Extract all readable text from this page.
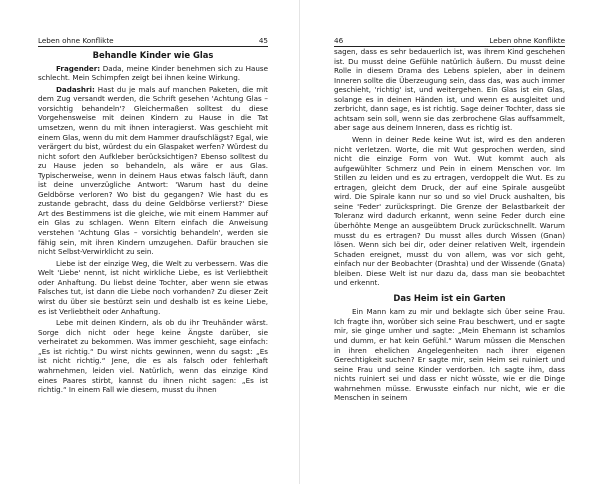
Leben ohne Konflikte	45
Behandle Kinder wie Glas

Fragender: Dada, meine Kinder benehmen sich zu Hause schlecht. Mein Schimpfen zeigt bei ihnen keine Wirkung.

Dadashri: Hast du je mals auf manchen Paketen, die mit dem Zug versandt werden, die Schrift gesehen 'Achtung Glas – vorsichtig behandeln'? Gleichermaßen solltest du diese Vorgehensweise mit deinen Kindern zu Hause in die Tat umsetzen, wenn du mit ihnen interagierst. Was geschieht mit einem Glas, wenn du mit dem Hammer draufschlägst? Egal, wie verärgert du bist, würdest du ein Glaspaket werfen? Würdest du nicht sofort den Aufkleber berücksichtigen? Ebenso solltest du zu Hause jeden so behandeln, als wäre er aus Glas. Typischerweise, wenn in deinem Haus etwas falsch läuft, dann ist deine unverzügliche Antwort: 'Warum hast du deine Geldbörse verloren? Wo bist du gegangen? Wie hast du es zustande gebracht, dass du deine Geldbörse verlierst?' Diese Art des Bestimmens ist die gleiche, wie mit einem Hammer auf ein Glas zu schlagen. Wenn Eltern einfach die Anweisung verstehen 'Achtung Glas – vorsichtig behandeln', werden sie fähig sein, mit ihren Kindern umzugehen. Dafür brauchen sie nicht Selbst-Verwirklicht zu sein.

Liebe ist der einzige Weg, die Welt zu verbessern. Was die Welt 'Liebe' nennt, ist nicht wirkliche Liebe, es ist Verliebtheit oder Anhaftung. Du liebst deine Tochter, aber wenn sie etwas Falsches tut, ist dann die Liebe noch vorhanden? Zu dieser Zeit wirst du über sie bestürzt sein und deshalb ist es keine Liebe, es ist Verliebtheit oder Anhaftung.

Lebe mit deinen Kindern, als ob du ihr Treuhänder wärst. Sorge dich nicht oder hege keine Ängste darüber, sie verheiratet zu bekommen. Was immer geschieht, sage einfach: „Es ist richtig.“ Du wirst nichts gewinnen, wenn du sagst: „Es ist nicht richtig.“ Jene, die es als falsch oder fehlerhaft wahrnehmen, leiden viel. Natürlich, wenn das einzige Kind eines Paares stirbt, kannst du ihnen nicht sagen: „Es ist richtig.“ In einem Fall wie diesem, musst du ihnen

46	Leben ohne Konflikte

sagen, dass es sehr bedauerlich ist, was ihrem Kind geschehen ist. Du musst deine Gefühle natürlich äußern. Du musst deine Rolle in diesem Drama des Lebens spielen, aber in deinem Inneren sollte die Überzeugung sein, dass das, was auch immer geschieht, 'richtig' ist, und weitergehen. Ein Glas ist ein Glas, solange es in deinen Händen ist, und wenn es ausgleitet und zerbricht, dann sage, es ist richtig. Sage deiner Tochter, dass sie achtsam sein soll, wenn sie das zerbrochene Glas auffsammelt, aber sage aus deinem Inneren, dass es richtig ist.

Wenn in deiner Rede keine Wut ist, wird es den anderen nicht verletzen. Worte, die mit Wut gesprochen werden, sind nicht die einzige Form von Wut. Wut kommt auch als aufgewühlter Schmerz und Pein in einem Menschen vor. Im Stillen zu leiden und es zu ertragen, verdoppelt die Wut. Es zu ertragen, gleicht dem Druck, der auf eine Spirale ausgeübt wird. Die Spirale kann nur so und so viel Druck aushalten, bis seine 'Feder' zurückspringt. Die Grenze der Belastbarkeit der Toleranz wird dadurch erkannt, wenn seine Feder durch eine überhöhte Menge an ausgeübtem Druck zurückschnellt. Warum musst du es ertragen? Du musst alles durch Wissen (Gnan) lösen. Wenn sich bei dir, oder deiner relativen Welt, irgendein Schaden ereignet, musst du von allem, was vor sich geht, einfach nur der Beobachter (Drashta) und der Wissende (Gnata) bleiben. Diese Welt ist nur dazu da, dass man sie beobachtet und erkennt.

Das Heim ist ein Garten

Ein Mann kam zu mir und beklagte sich über seine Frau. Ich fragte ihn, worüber sich seine Frau beschwert, und er sagte mir, sie ginge umher und sagte: „Mein Ehemann ist schamlos und dumm, er hat kein Gefühl.“ Warum müssen die Menschen in ihren ehelichen Angelegenheiten nach ihrer eigenen Gerechtigkeit suchen? Er sagte mir, sein Heim sei ruiniert und seine Frau und seine Kinder verdorben. Ich sagte ihm, dass nichts ruiniert sei und dass er nicht wüsste, wie er die Dinge wahrnehmen müsse. Erwusste einfach nur nicht, wie er die Menschen in seinem
